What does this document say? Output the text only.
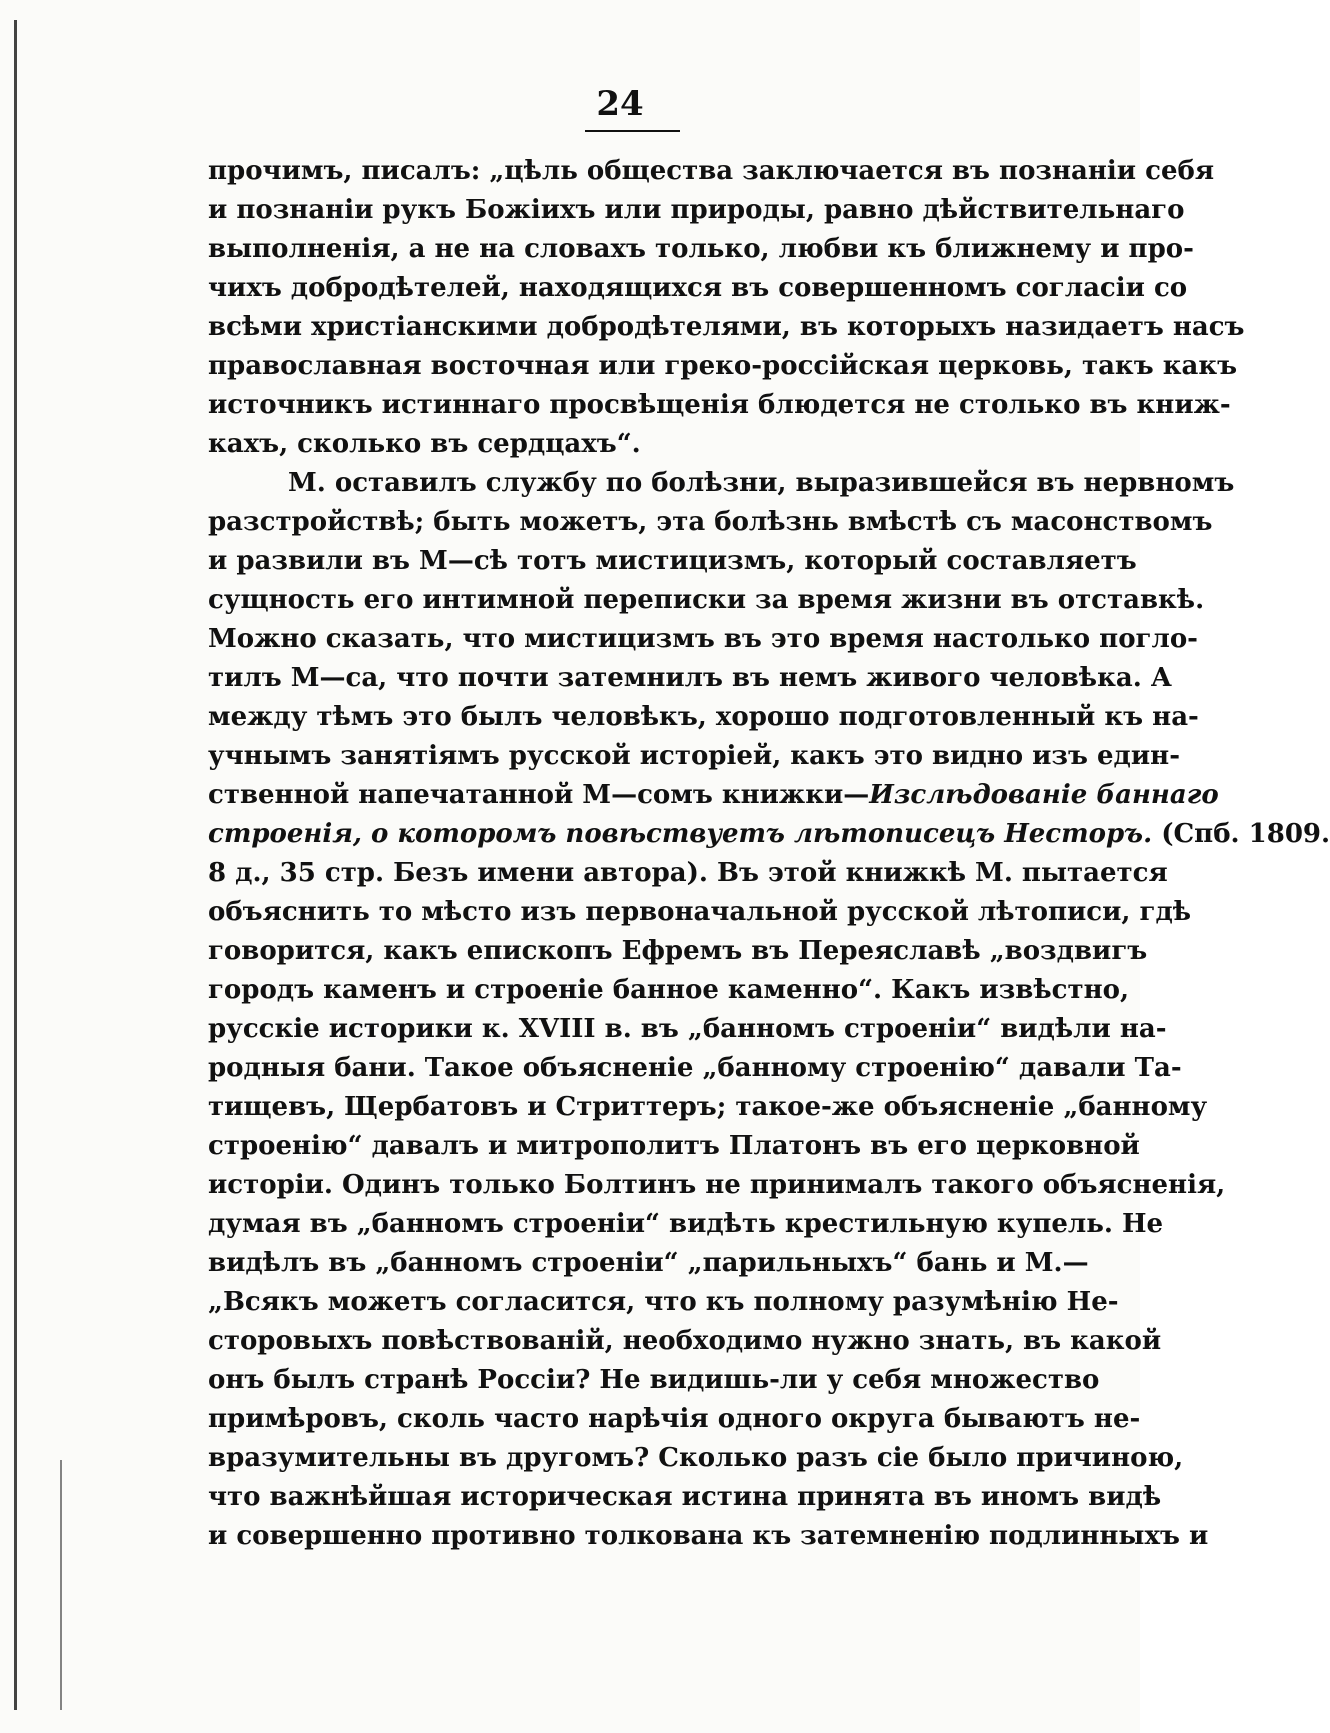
24
прочимъ, писалъ: „цѣль общества заключается въ познаніи себя
и познаніи рукъ Божіихъ или природы, равно дѣйствительнаго
выполненія, а не на словахъ только, любви къ ближнему и про-
чихъ добродѣтелей, находящихся въ совершенномъ согласіи со
всѣми христіанскими добродѣтелями, въ которыхъ назидаетъ насъ
православная восточная или греко-россійская церковь, такъ какъ
источникъ истиннаго просвѣщенія блюдется не столько въ книж-
кахъ, сколько въ сердцахъ“.
М. оставилъ службу по болѣзни, выразившейся въ нервномъ
разстройствѣ; быть можетъ, эта болѣзнь вмѣстѣ съ масонствомъ
и развили въ М—сѣ тотъ мистицизмъ, который составляетъ
сущность его интимной переписки за время жизни въ отставкѣ.
Можно сказать, что мистицизмъ въ это время настолько погло-
тилъ М—са, что почти затемнилъ въ немъ живого человѣка. А
между тѣмъ это былъ человѣкъ, хорошо подготовленный къ на-
учнымъ занятіямъ русской исторіей, какъ это видно изъ един-
ственной напечатанной М—сомъ книжки—Изслѣдованіе баннаго
строенія, о которомъ повѣствуетъ лѣтописецъ Несторъ. (Спб. 1809.
8 д., 35 стр. Безъ имени автора). Въ этой книжкѣ М. пытается
объяснить то мѣсто изъ первоначальной русской лѣтописи, гдѣ
говорится, какъ епископъ Ефремъ въ Переяславѣ „воздвигъ
городъ каменъ и строеніе банное каменно“. Какъ извѣстно,
русскіе историки к. XVIII в. въ „банномъ строеніи“ видѣли на-
родныя бани. Такое объясненіе „банному строенію“ давали Та-
тищевъ, Щербатовъ и Стриттеръ; такое-же объясненіе „банному
строенію“ давалъ и митрополитъ Платонъ въ его церковной
исторіи. Одинъ только Болтинъ не принималъ такого объясненія,
думая въ „банномъ строеніи“ видѣть крестильную купель. Не
видѣлъ въ „банномъ строеніи“ „парильныхъ“ бань и М.—
„Всякъ можетъ согласится, что къ полному разумѣнію Не-
сторовыхъ повѣствованій, необходимо нужно знать, въ какой
онъ былъ странѣ Россіи? Не видишь-ли у себя множество
примѣровъ, сколь часто нарѣчія одного округа бываютъ не-
вразумительны въ другомъ? Сколько разъ сіе было причиною,
что важнѣйшая историческая истина принята въ иномъ видѣ
и совершенно противно толкована къ затемненію подлинныхъ и
